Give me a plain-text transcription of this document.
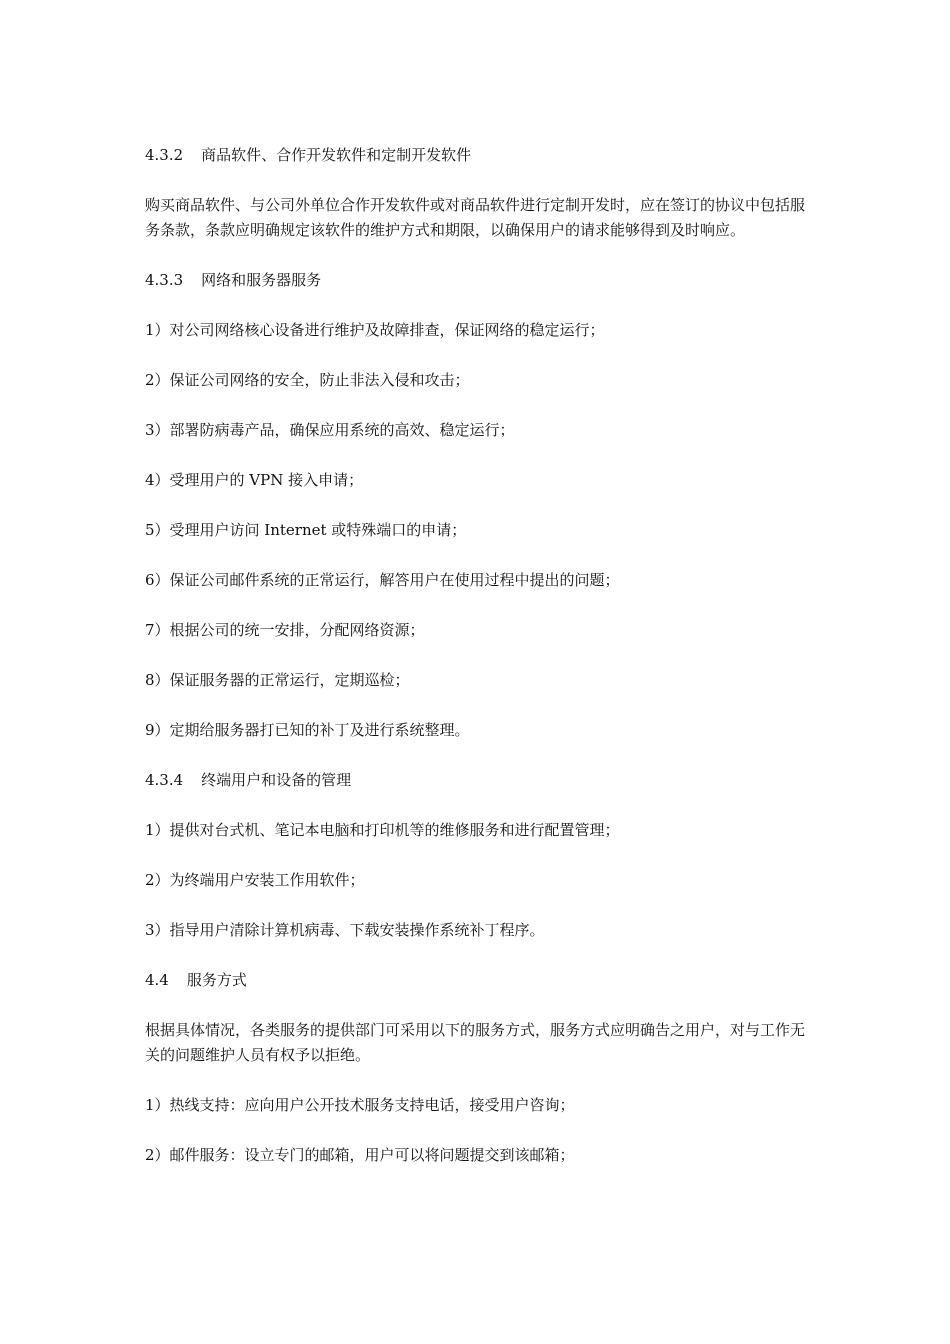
4.3.2 商品软件、合作开发软件和定制开发软件

购买商品软件、与公司外单位合作开发软件或对商品软件进行定制开发时，应在签订的协议中包括服务条款，条款应明确规定该软件的维护方式和期限，以确保用户的请求能够得到及时响应。

4.3.3 网络和服务器服务

1）对公司网络核心设备进行维护及故障排查，保证网络的稳定运行；

2）保证公司网络的安全，防止非法入侵和攻击；

3）部署防病毒产品，确保应用系统的高效、稳定运行；

4）受理用户的 VPN 接入申请；

5）受理用户访问 Internet 或特殊端口的申请；

6）保证公司邮件系统的正常运行，解答用户在使用过程中提出的问题；

7）根据公司的统一安排，分配网络资源；

8）保证服务器的正常运行，定期巡检；

9）定期给服务器打已知的补丁及进行系统整理。

4.3.4 终端用户和设备的管理

1）提供对台式机、笔记本电脑和打印机等的维修服务和进行配置管理；

2）为终端用户安装工作用软件；

3）指导用户清除计算机病毒、下载安装操作系统补丁程序。

4.4 服务方式

根据具体情况，各类服务的提供部门可采用以下的服务方式，服务方式应明确告之用户，对与工作无关的问题维护人员有权予以拒绝。

1）热线支持：应向用户公开技术服务支持电话，接受用户咨询；

2）邮件服务：设立专门的邮箱，用户可以将问题提交到该邮箱；
